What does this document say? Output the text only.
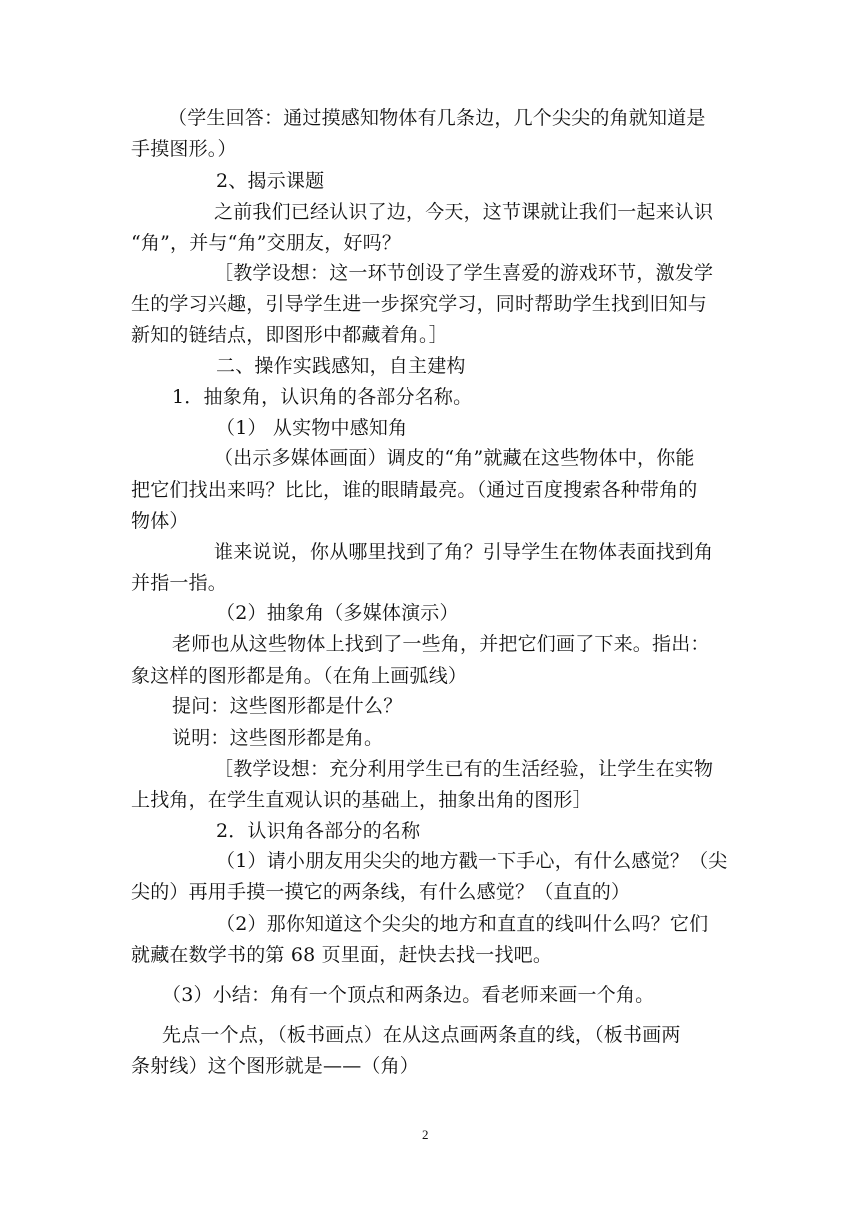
（学生回答：通过摸感知物体有几条边，几个尖尖的角就知道是
手摸图形。）
2、揭示课题
之前我们已经认识了边，今天，这节课就让我们一起来认识
“角”，并与“角”交朋友，好吗？
［教学设想：这一环节创设了学生喜爱的游戏环节，激发学
生的学习兴趣，引导学生进一步探究学习，同时帮助学生找到旧知与
新知的链结点，即图形中都藏着角。］
二、操作实践感知，自主建构
1．抽象角，认识角的各部分名称。
（1） 从实物中感知角
（出示多媒体画面）调皮的“角”就藏在这些物体中，你能
把它们找出来吗？比比，谁的眼睛最亮。（通过百度搜索各种带角的
物体）
谁来说说，你从哪里找到了角？引导学生在物体表面找到角
并指一指。
（2）抽象角（多媒体演示）
老师也从这些物体上找到了一些角，并把它们画了下来。指出：
象这样的图形都是角。（在角上画弧线）
提问：这些图形都是什么？
说明：这些图形都是角。
［教学设想：充分利用学生已有的生活经验，让学生在实物
上找角，在学生直观认识的基础上，抽象出角的图形］
2．认识角各部分的名称
（1）请小朋友用尖尖的地方戳一下手心，有什么感觉？（尖
尖的）再用手摸一摸它的两条线，有什么感觉？（直直的）
（2）那你知道这个尖尖的地方和直直的线叫什么吗？它们
就藏在数学书的第 68 页里面，赶快去找一找吧。
（3）小结：角有一个顶点和两条边。看老师来画一个角。
先点一个点，（板书画点）在从这点画两条直的线，（板书画两
条射线）这个图形就是——（角）
2
